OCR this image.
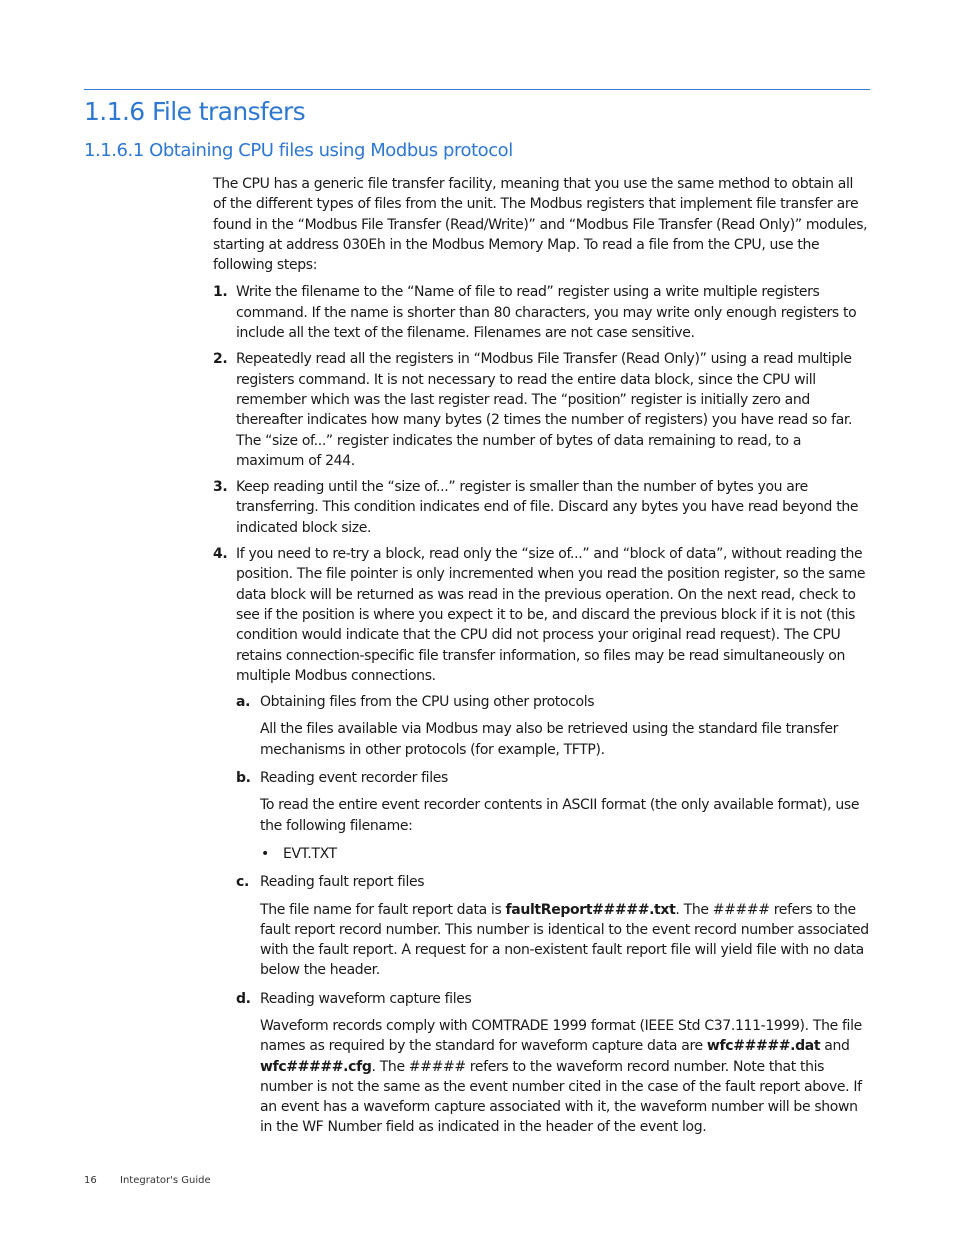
1.1.6 File transfers
1.1.6.1 Obtaining CPU files using Modbus protocol

The CPU has a generic file transfer facility, meaning that you use the same method to obtain all of the different types of files from the unit. The Modbus registers that implement file transfer are found in the “Modbus File Transfer (Read/Write)” and “Modbus File Transfer (Read Only)” modules, starting at address 030Eh in the Modbus Memory Map. To read a file from the CPU, use the following steps:

1. Write the filename to the “Name of file to read” register using a write multiple registers command. If the name is shorter than 80 characters, you may write only enough registers to include all the text of the filename. Filenames are not case sensitive.
2. Repeatedly read all the registers in “Modbus File Transfer (Read Only)” using a read multiple registers command. It is not necessary to read the entire data block, since the CPU will remember which was the last register read. The “position” register is initially zero and thereafter indicates how many bytes (2 times the number of registers) you have read so far. The “size of...” register indicates the number of bytes of data remaining to read, to a maximum of 244.
3. Keep reading until the “size of...” register is smaller than the number of bytes you are transferring. This condition indicates end of file. Discard any bytes you have read beyond the indicated block size.
4. If you need to re-try a block, read only the “size of...” and “block of data”, without reading the position. The file pointer is only incremented when you read the position register, so the same data block will be returned as was read in the previous operation. On the next read, check to see if the position is where you expect it to be, and discard the previous block if it is not (this condition would indicate that the CPU did not process your original read request). The CPU retains connection-specific file transfer information, so files may be read simultaneously on multiple Modbus connections.
a. Obtaining files from the CPU using other protocols

All the files available via Modbus may also be retrieved using the standard file transfer mechanisms in other protocols (for example, TFTP).

b. Reading event recorder files

To read the entire event recorder contents in ASCII format (the only available format), use the following filename:

• EVT.TXT
c. Reading fault report files

The file name for fault report data is faultReport#####.txt. The ##### refers to the fault report record number. This number is identical to the event record number associated with the fault report. A request for a non-existent fault report file will yield file with no data below the header.

d. Reading waveform capture files

Waveform records comply with COMTRADE 1999 format (IEEE Std C37.111-1999). The file names as required by the standard for waveform capture data are wfc#####.dat and wfc#####.cfg. The ##### refers to the waveform record number. Note that this number is not the same as the event number cited in the case of the fault report above. If an event has a waveform capture associated with it, the waveform number will be shown in the WF Number field as indicated in the header of the event log.

16 Integrator's Guide
